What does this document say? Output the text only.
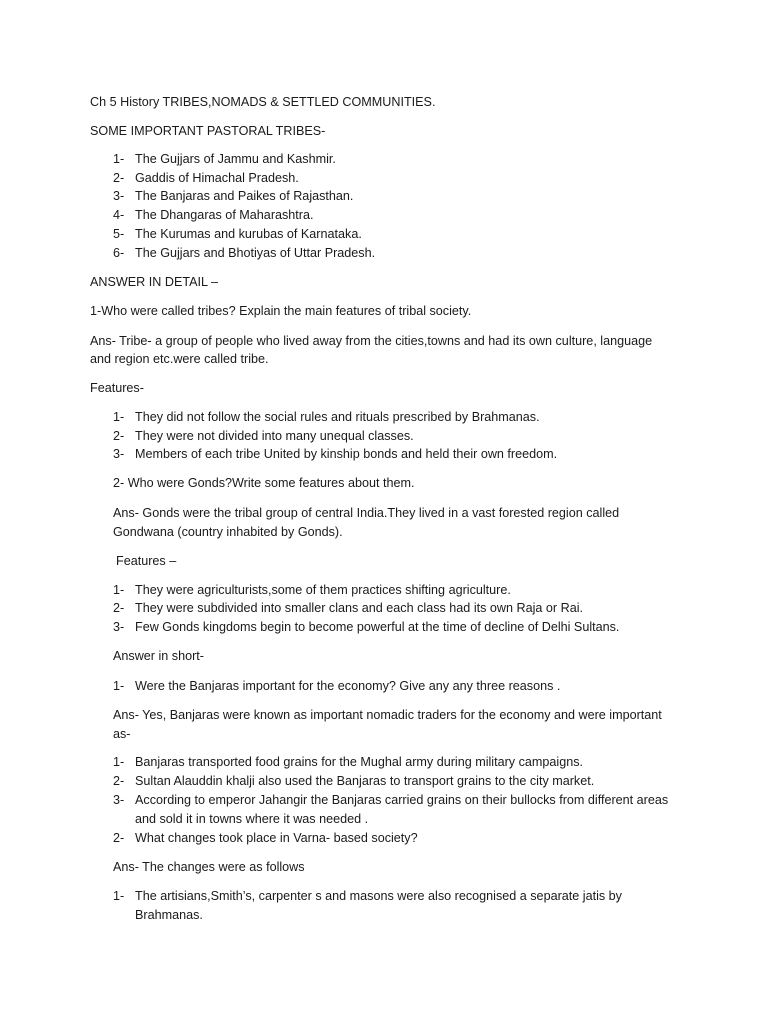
Ch 5 History TRIBES,NOMADS & SETTLED COMMUNITIES.
SOME IMPORTANT PASTORAL TRIBES-
1- The Gujjars of Jammu and Kashmir.
2- Gaddis of Himachal Pradesh.
3- The Banjaras and Paikes of Rajasthan.
4- The Dhangaras of Maharashtra.
5- The Kurumas and kurubas of Karnataka.
6- The Gujjars and Bhotiyas of Uttar Pradesh.
ANSWER IN DETAIL –
1-Who were called tribes? Explain the main features of tribal society.
Ans- Tribe- a group of people who lived away from the cities,towns and had its own culture, language
and region etc.were called tribe.
Features-
1- They did not follow the social rules and rituals prescribed by Brahmanas.
2- They were not divided into many unequal classes.
3- Members of each tribe United by kinship bonds and held their own freedom.
2- Who were Gonds?Write some features about them.
Ans- Gonds were the tribal group of central India.They lived in a vast forested region called
Gondwana (country inhabited by Gonds).
Features –
1- They were agriculturists,some of them practices shifting agriculture.
2- They were subdivided into smaller clans and each class had its own Raja or Rai.
3- Few Gonds kingdoms begin to become powerful at the time of decline of Delhi Sultans.
Answer in short-
1- Were the Banjaras important for the economy? Give any any three reasons .
Ans- Yes, Banjaras were known as important nomadic traders for the economy and were important
as-
1- Banjaras transported food grains for the Mughal army during military campaigns.
2- Sultan Alauddin khalji also used the Banjaras to transport grains to the city market.
3- According to emperor Jahangir the Banjaras carried grains on their bullocks from different areas and sold it in towns where it was needed .
2- What changes took place in Varna- based society?
Ans- The changes were as follows
1- The artisians,Smith’s, carpenter s and masons were also recognised a separate jatis by Brahmanas.
